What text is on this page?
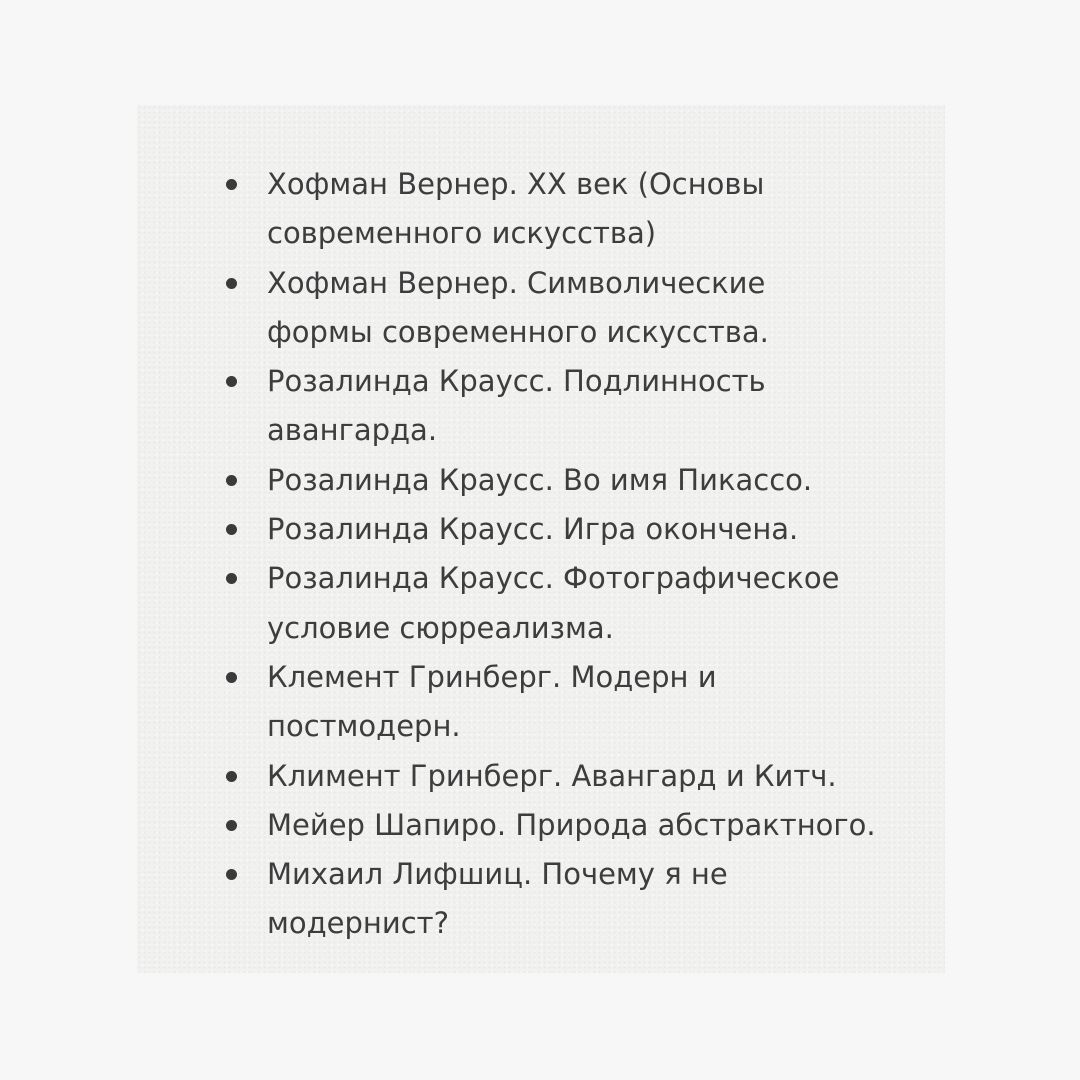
Хофман Вернер. XX век (Основы
современного искусства)
Хофман Вернер. Символические
формы современного искусства.
Розалинда Краусс. Подлинность
авангарда.
Розалинда Краусс. Во имя Пикассо.
Розалинда Краусс. Игра окончена.
Розалинда Краусс. Фотографическое
условие сюрреализма.
Клемент Гринберг. Модерн и
постмодерн.
Климент Гринберг. Авангард и Китч.
Мейер Шапиро. Природа абстрактного.
Михаил Лифшиц. Почему я не
модернист?
